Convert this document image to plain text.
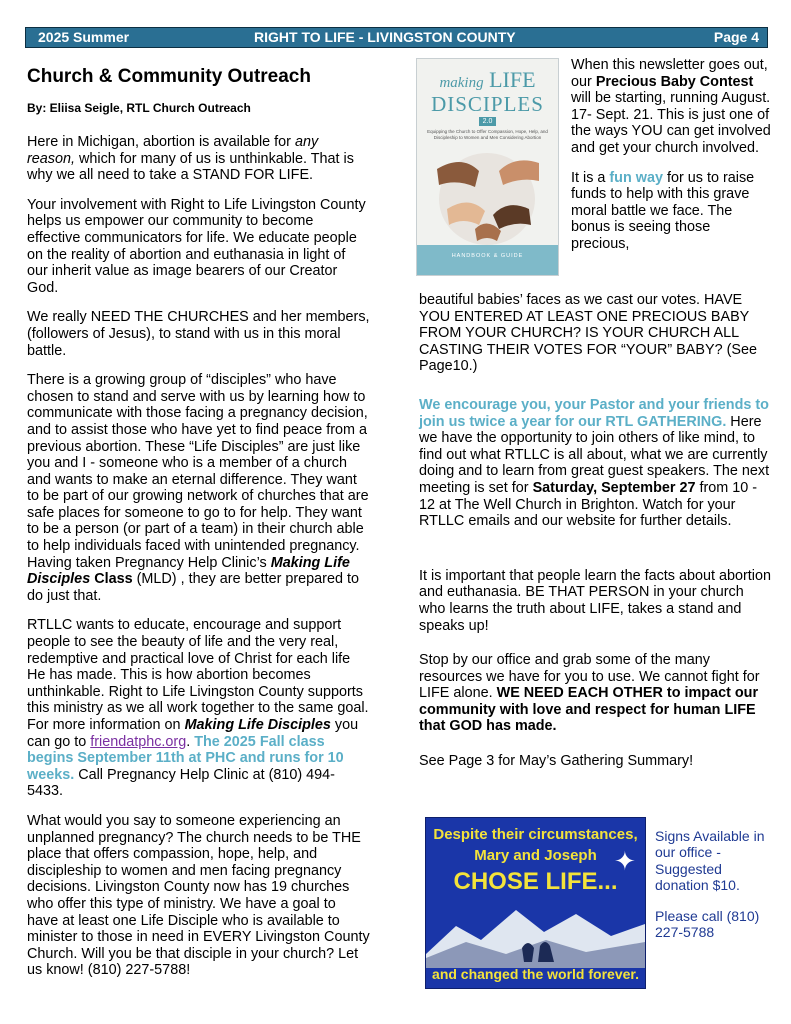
2025 Summer	RIGHT TO LIFE - LIVINGSTON COUNTY	Page 4

Church & Community Outreach

By: Eliisa Seigle, RTL Church Outreach

Here in Michigan, abortion is available for any reason, which for many of us is unthinkable. That is why we all need to take a STAND FOR LIFE.

Your involvement with Right to Life Livingston County helps us empower our community to become effective communicators for life. We educate people on the reality of abortion and euthanasia in light of our inherit value as image bearers of our Creator God.

We really NEED THE CHURCHES and her members, (followers of Jesus), to stand with us in this moral battle.

There is a growing group of “disciples” who have chosen to stand and serve with us by learning how to communicate with those facing a pregnancy decision, and to assist those who have yet to find peace from a previous abortion. These “Life Disciples” are just like you and I - someone who is a member of a church and wants to make an eternal difference. They want to be part of our growing network of churches that are safe places for someone to go to for help. They want to be a person (or part of a team) in their church able to help individuals faced with unintended pregnancy. Having taken Pregnancy Help Clinic’s Making Life Disciples Class (MLD) , they are better prepared to do just that.

RTLLC wants to educate, encourage and support people to see the beauty of life and the very real, redemptive and practical love of Christ for each life He has made. This is how abortion becomes unthinkable. Right to Life Livingston County supports this ministry as we all work together to the same goal. For more information on Making Life Disciples you can go to friendatphc.org. The 2025 Fall class begins September 11th at PHC and runs for 10 weeks. Call Pregnancy Help Clinic at (810) 494-5433.

What would you say to someone experiencing an unplanned pregnancy? The church needs to be THE place that offers compassion, hope, help, and discipleship to women and men facing pregnancy decisions. Livingston County now has 19 churches who offer this type of ministry. We have a goal to have at least one Life Disciple who is available to minister to those in need in EVERY Livingston County Church. Will you be that disciple in your church? Let us know! (810) 227-5788!

making LIFE
DISCIPLES
2.0
Equipping the Church to Offer Compassion, Hope, Help, and Discipleship to Women and Men Considering Abortion
HANDBOOK & GUIDE

When this newsletter goes out, our Precious Baby Contest will be starting, running August. 17- Sept. 21. This is just one of the ways YOU can get involved and get your church involved.

It is a fun way for us to raise funds to help with this grave moral battle we face. The bonus is seeing those precious,

beautiful babies’ faces as we cast our votes. HAVE YOU ENTERED AT LEAST ONE PRECIOUS BABY FROM YOUR CHURCH? IS YOUR CHURCH ALL CASTING THEIR VOTES FOR “YOUR” BABY? (See Page10.)

We encourage you, your Pastor and your friends to join us twice a year for our RTL GATHERING. Here we have the opportunity to join others of like mind, to find out what RTLLC is all about, what we are currently doing and to learn from great guest speakers. The next meeting is set for Saturday, September 27 from 10 - 12 at The Well Church in Brighton. Watch for your RTLLC emails and our website for further details.

It is important that people learn the facts about abortion and euthanasia. BE THAT PERSON in your church who learns the truth about LIFE, takes a stand and speaks up!

Stop by our office and grab some of the many resources we have for you to use. We cannot fight for LIFE alone. WE NEED EACH OTHER to impact our community with love and respect for human LIFE that GOD has made.

See Page 3 for May’s Gathering Summary!

Despite their circumstances,
Mary and Joseph ✦
CHOSE LIFE...
and changed the world forever.

Signs Available in our office - Suggested donation $10.

Please call (810) 227-5788
